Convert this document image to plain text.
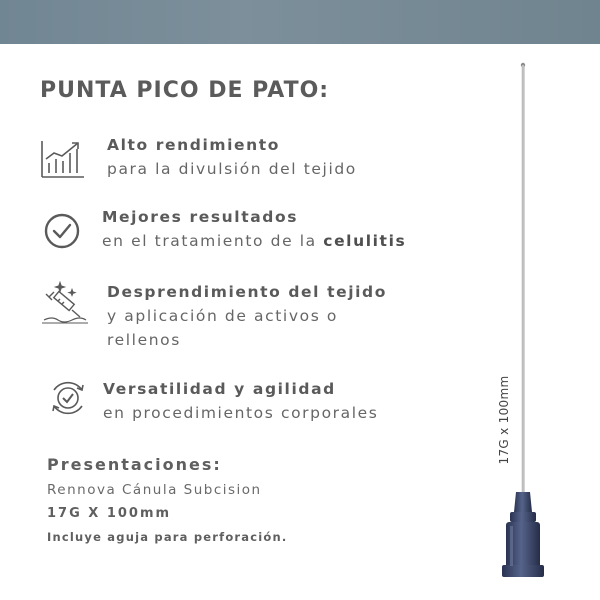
PUNTA PICO DE PATO:
Alto rendimiento
para la divulsión del tejido
Mejores resultados
en el tratamiento de la celulitis
Desprendimiento del tejido
y aplicación de activos o
rellenos
Versatilidad y agilidad
en procedimientos corporales
Presentaciones:
Rennova Cánula Subcision
17G X 100mm
Incluye aguja para perforación.
17G x 100mm
